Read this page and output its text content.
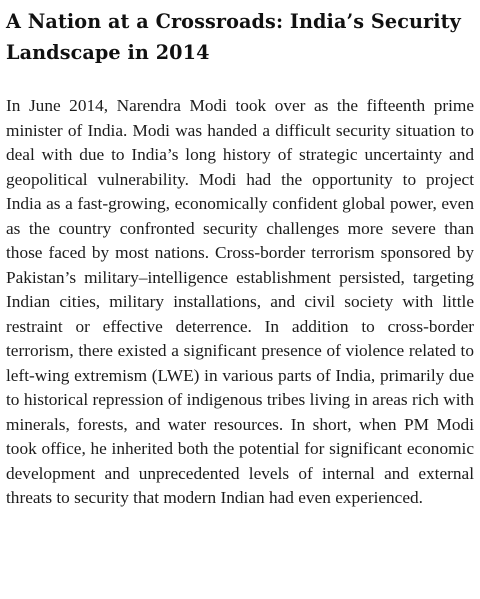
A Nation at a Crossroads: India’s Security Landscape in 2014

In June 2014, Narendra Modi took over as the fifteenth prime minister of India. Modi was handed a difficult security situation to deal with due to India’s long history of strategic uncertainty and geopolitical vulnerability. Modi had the opportunity to project India as a fast-growing, economically confident global power, even as the country confronted security challenges more severe than those faced by most nations. Cross-border terrorism sponsored by Pakistan’s military–intelligence establishment persisted, targeting Indian cities, military installations, and civil society with little restraint or effective deterrence. In addition to cross-border terrorism, there existed a significant presence of violence related to left-wing extremism (LWE) in various parts of India, primarily due to historical repression of indigenous tribes living in areas rich with minerals, forests, and water resources. In short, when PM Modi took office, he inherited both the potential for significant economic development and unprecedented levels of internal and external threats to security that modern Indian had even experienced.
